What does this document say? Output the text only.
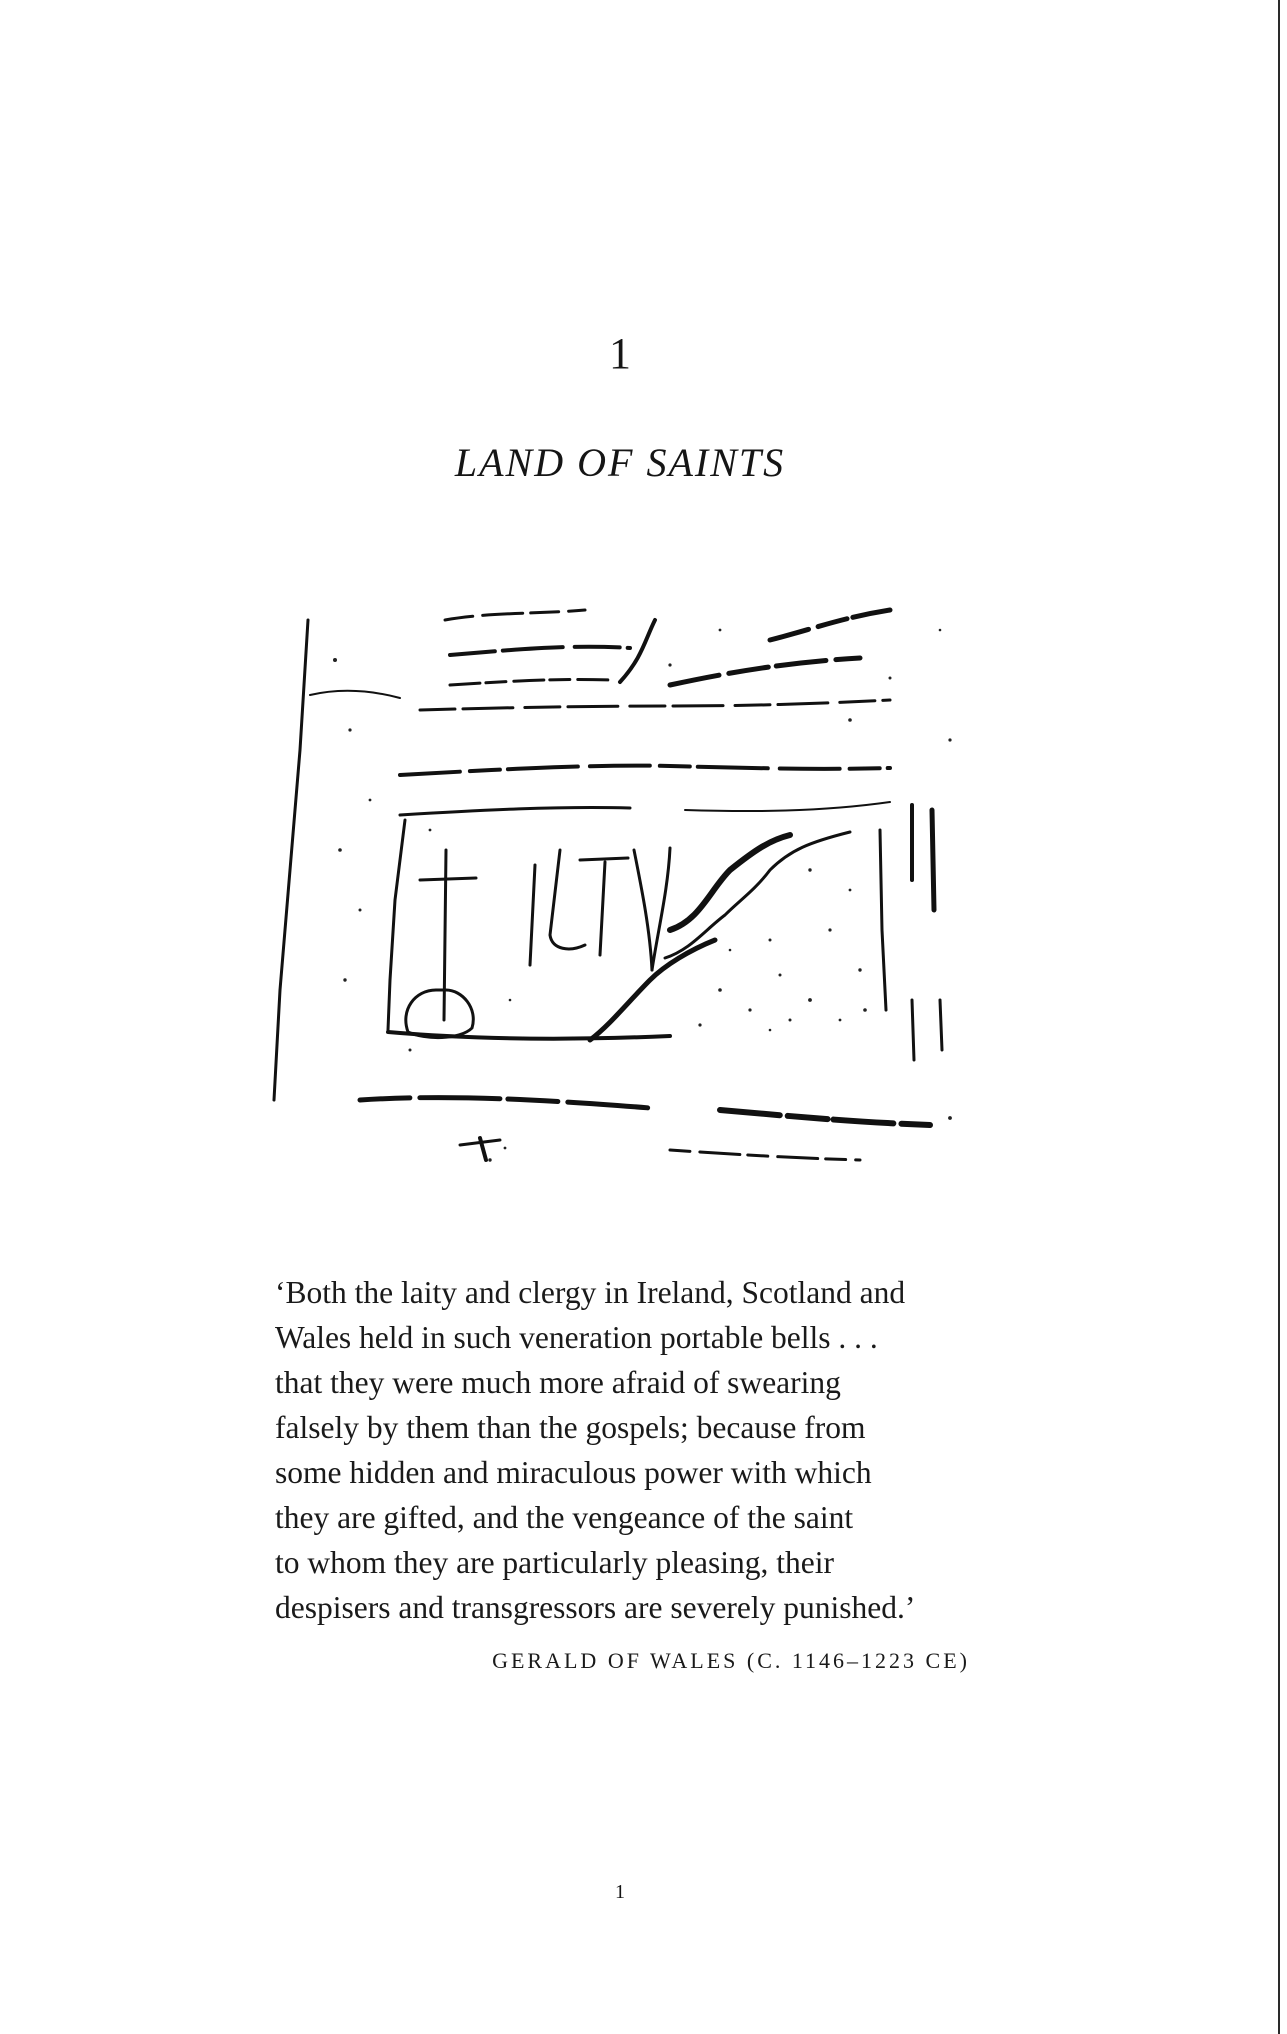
1
LAND OF SAINTS
ILTV

‘Both the laity and clergy in Ireland, Scotland and
Wales held in such veneration portable bells . . .
that they were much more afraid of swearing
falsely by them than the gospels; because from
some hidden and miraculous power with which
they are gifted, and the vengeance of the saint
to whom they are particularly pleasing, their
despisers and transgressors are severely punished.’

GERALD OF WALES (C. 1146–1223 CE)
1
